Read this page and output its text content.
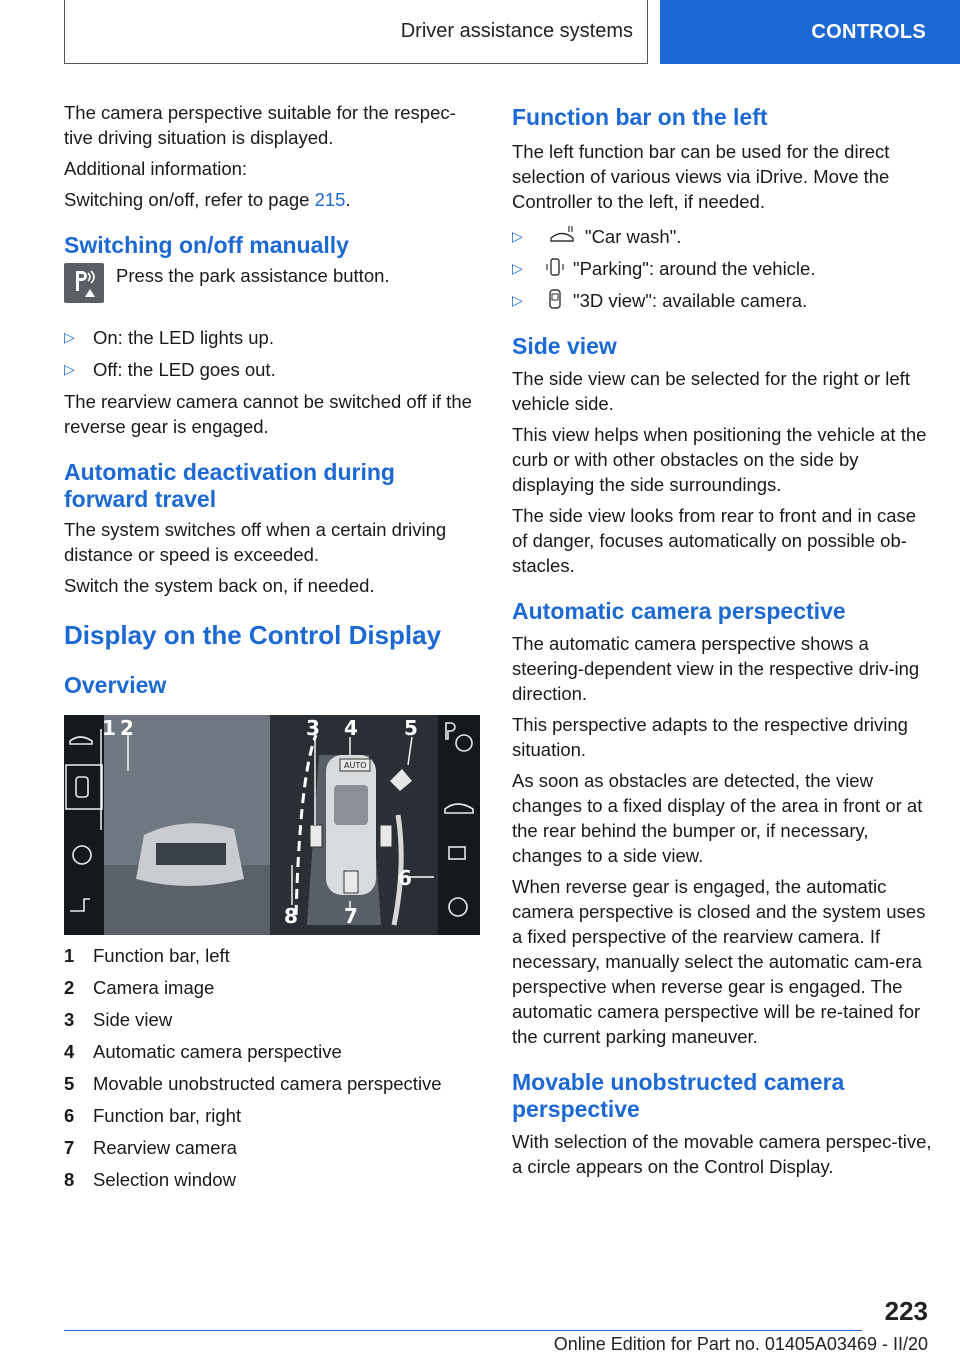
Driver assistance systems	CONTROLS

The camera perspective suitable for the respec-tive driving situation is displayed.

Additional information:

Switching on/off, refer to page 215.

Switching on/off manually

Press the park assistance button.

▷ On: the LED lights up.
▷ Off: the LED goes out.

The rearview camera cannot be switched off if the reverse gear is engaged.

Automatic deactivation during forward travel

The system switches off when a certain driving distance or speed is exceeded.

Switch the system back on, if needed.

Display on the Control Display
Overview
AUTO
1 2	3 4 5
6
7
8
1	Function bar, left
2	Camera image
3	Side view
4	Automatic camera perspective
5	Movable unobstructed camera perspective
6	Function bar, right
7	Rearview camera
8	Selection window
Function bar on the left

The left function bar can be used for the direct selection of various views via iDrive. Move the Controller to the left, if needed.

▷	"Car wash".
▷	"Parking": around the vehicle.
▷	"3D view": available camera.
Side view

The side view can be selected for the right or left vehicle side.

This view helps when positioning the vehicle at the curb or with other obstacles on the side by displaying the side surroundings.

The side view looks from rear to front and in case of danger, focuses automatically on possible ob-stacles.

Automatic camera perspective

The automatic camera perspective shows a steering-dependent view in the respective driv-ing direction.

This perspective adapts to the respective driving situation.

As soon as obstacles are detected, the view changes to a fixed display of the area in front or at the rear behind the bumper or, if necessary, changes to a side view.

When reverse gear is engaged, the automatic camera perspective is closed and the system uses a fixed perspective of the rearview camera. If necessary, manually select the automatic cam-era perspective when reverse gear is engaged. The automatic camera perspective will be re-tained for the current parking maneuver.

Movable unobstructed camera perspective

With selection of the movable camera perspec-tive, a circle appears on the Control Display.

223
Online Edition for Part no. 01405A03469 - II/20
